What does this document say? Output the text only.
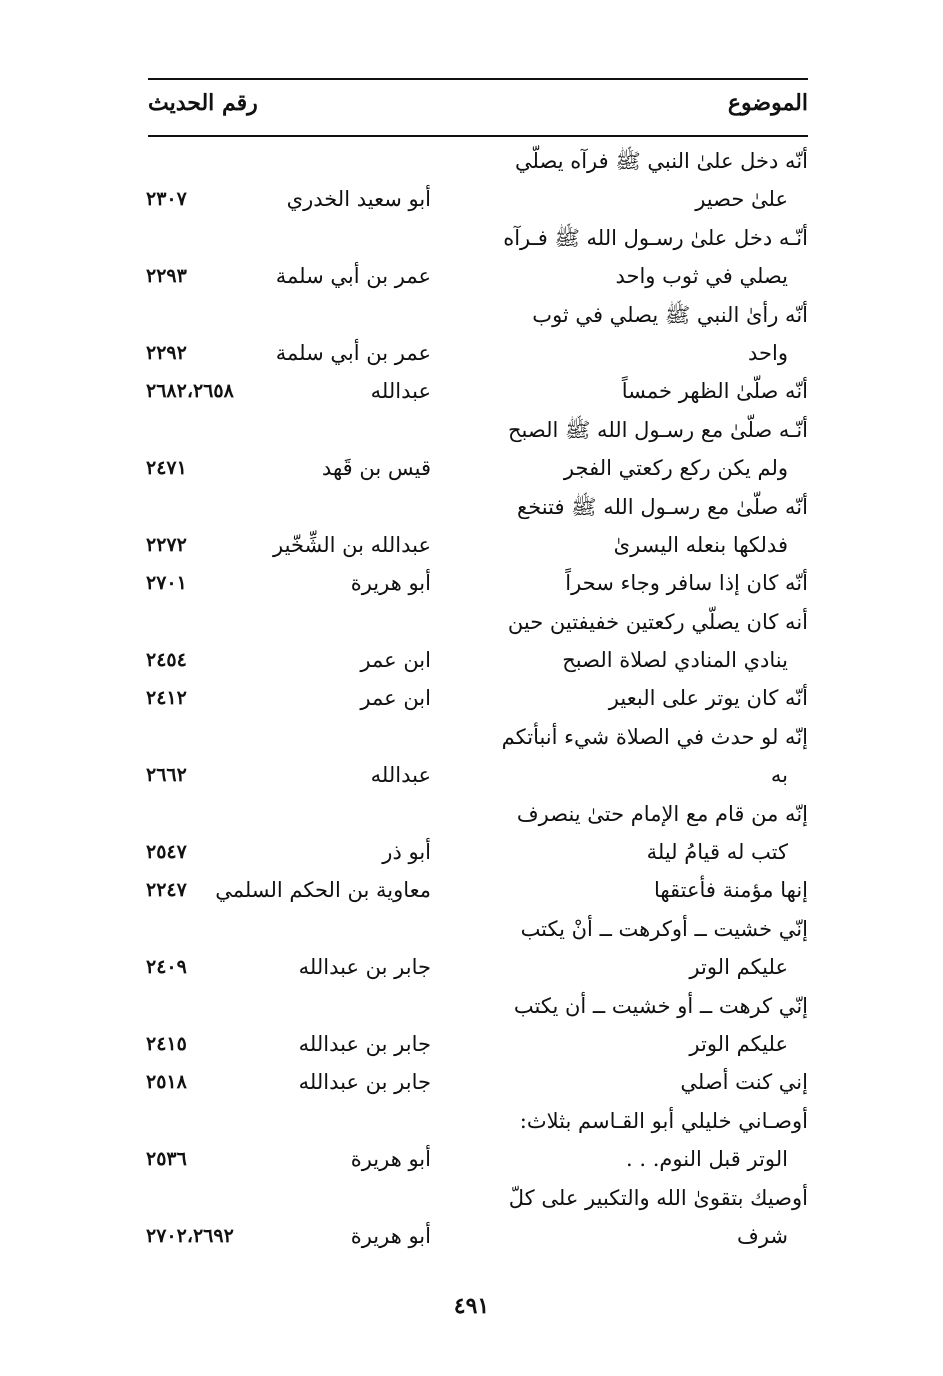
الموضوع
رقم الحديث
أنّه دخل علىٰ النبي ﷺ فرآه يصلّي
علىٰ حصير
أبو سعيد الخدري
٢٣٠٧
أنّـه دخل علىٰ رسـول الله ﷺ فـرآه
يصلي في ثوب واحد
عمر بن أبي سلمة
٢٢٩٣
أنّه رأىٰ النبي ﷺ يصلي في ثوب
واحد
عمر بن أبي سلمة
٢٢٩٢
أنّه صلّىٰ الظهر خمساً
عبدالله
٢٦٨٢،٢٦٥٨
أنّـه صلّىٰ مع رسـول الله ﷺ الصبح
ولم يكن ركع ركعتي الفجر
قيس بن قَهد
٢٤٧١
أنّه صلّىٰ مع رسـول الله ﷺ فتنخع
فدلكها بنعله اليسرىٰ
عبدالله بن الشِّخّير
٢٢٧٢
أنّه كان إذا سافر وجاء سحراً
أبو هريرة
٢٧٠١
أنه كان يصلّي ركعتين خفيفتين حين
ينادي المنادي لصلاة الصبح
ابن عمر
٢٤٥٤
أنّه كان يوتر على البعير
ابن عمر
٢٤١٢
إنّه لو حدث في الصلاة شيء أنبأتكم
به
عبدالله
٢٦٦٢
إنّه من قام مع الإمام حتىٰ ينصرف
كتب له قيامُ ليلة
أبو ذر
٢٥٤٧
إنها مؤمنة فأعتقها
معاوية بن الحكم السلمي
٢٢٤٧
إنّي خشيت ــ أوكرهت ــ أنْ يكتب
عليكم الوتر
جابر بن عبدالله
٢٤٠٩
إنّي كرهت ــ أو خشيت ــ أن يكتب
عليكم الوتر
جابر بن عبدالله
٢٤١٥
إني كنت أصلي
جابر بن عبدالله
٢٥١٨
أوصـاني خليلي أبو القـاسم بثلاث:
الوتر قبل النوم. . .
أبو هريرة
٢٥٣٦
أوصيك بتقوىٰ الله والتكبير على كلّ
شرف
أبو هريرة
٢٧٠٢،٢٦٩٢
٤٩١
